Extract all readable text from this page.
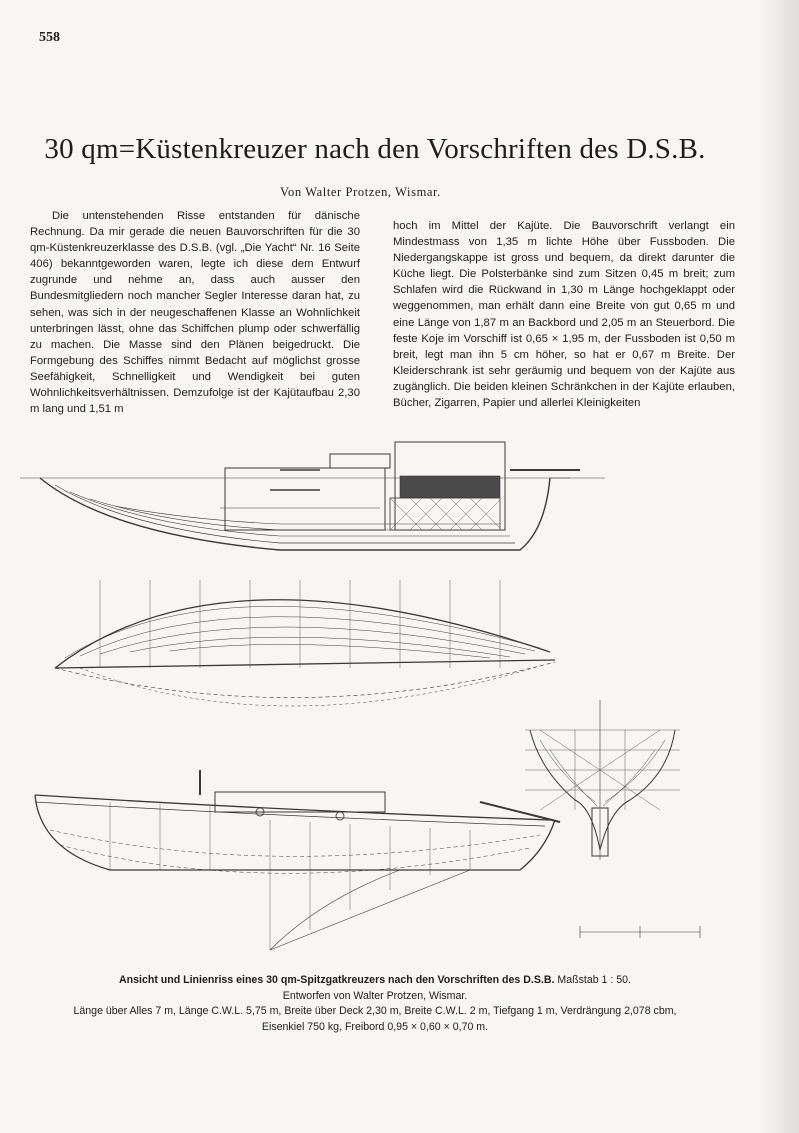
558
30 qm=Küstenkreuzer nach den Vorschriften des D.S.B.
Von Walter Protzen, Wismar.

Die untenstehenden Risse entstanden für dänische Rechnung. Da mir gerade die neuen Bauvorschriften für die 30 qm-Küstenkreuzerklasse des D.S.B. (vgl. „Die Yacht“ Nr. 16 Seite 406) bekanntgeworden waren, legte ich diese dem Entwurf zugrunde und nehme an, dass auch ausser den Bundesmitgliedern noch mancher Segler Interesse daran hat, zu sehen, was sich in der neugeschaffenen Klasse an Wohnlichkeit unterbringen lässt, ohne das Schiffchen plump oder schwerfällig zu machen. Die Masse sind den Plänen beigedruckt. Die Formgebung des Schiffes nimmt Bedacht auf möglichst grosse Seefähigkeit, Schnelligkeit und Wendigkeit bei guten Wohnlichkeitsverhältnissen. Demzufolge ist der Kajütaufbau 2,30 m lang und 1,51 m

hoch im Mittel der Kajüte. Die Bauvorschrift verlangt ein Mindestmass von 1,35 m lichte Höhe über Fussboden. Die Niedergangskappe ist gross und bequem, da direkt darunter die Küche liegt. Die Polsterbänke sind zum Sitzen 0,45 m breit; zum Schlafen wird die Rückwand in 1,30 m Länge hochgeklappt oder weggenommen, man erhält dann eine Breite von gut 0,65 m und eine Länge von 1,87 m an Backbord und 2,05 m an Steuerbord. Die feste Koje im Vorschiff ist 0,65 × 1,95 m, der Fussboden ist 0,50 m breit, legt man ihn 5 cm höher, so hat er 0,67 m Breite. Der Kleiderschrank ist sehr geräumig und bequem von der Kajüte aus zugänglich. Die beiden kleinen Schränkchen in der Kajüte erlauben, Bücher, Zigarren, Papier und allerlei Kleinigkeiten

Ansicht und Linienriss eines 30 qm-Spitzgatkreuzers nach den Vorschriften des D.S.B. Maßstab 1 : 50.
Entworfen von Walter Protzen, Wismar.
Länge über Alles 7 m, Länge C.W.L. 5,75 m, Breite über Deck 2,30 m, Breite C.W.L. 2 m, Tiefgang 1 m, Verdrängung 2,078 cbm,
Eisenkiel 750 kg, Freibord 0,95 × 0,60 × 0,70 m.
